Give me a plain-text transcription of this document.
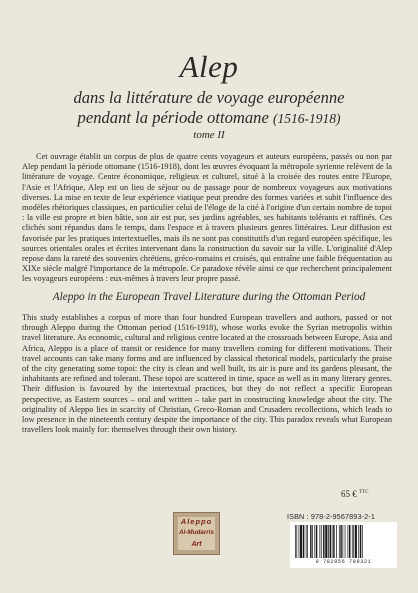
Alep
dans la littérature de voyage européenne
pendant la période ottomane (1516-1918)
tome II

Cet ouvrage établit un corpus de plus de quatre cents voyageurs et auteurs européens, passés ou non par Alep pendant la période ottomane (1516-1918), dont les œuvres évoquant la métropole syrienne relèvent de la littérature de voyage. Centre économique, religieux et culturel, situé à la croisée des routes entre l'Europe, l'Asie et l'Afrique, Alep est un lieu de séjour ou de passage pour de nombreux voyageurs aux motivations diverses. La mise en texte de leur expérience viatique peut prendre des formes variées et subit l'influence des modèles rhétoriques classiques, en particulier celui de l'éloge de la cité à l'origine d'un certain nombre de topoi : la ville est propre et bien bâtie, son air est pur, ses jardins agréables, ses habitants tolérants et raffinés. Ces clichés sont répandus dans le temps, dans l'espace et à travers plusieurs genres littéraires. Leur diffusion est favorisée par les pratiques intertextuelles, mais ils ne sont pas constitutifs d'un regard européen spécifique, les sources orientales orales et écrites intervenant dans la construction du savoir sur la ville. L'originalité d'Alep repose dans la rareté des souvenirs chrétiens, gréco-romains et croisés, qui entraîne une faible fréquentation au XIXe siècle malgré l'importance de la métropole. Ce paradoxe révèle ainsi ce que recherchent principalement les voyageurs européens : eux-mêmes à travers leur propre passé.

Aleppo in the European Travel Literature during the Ottoman Period

This study establishes a corpus of more than four hundred European travellers and authors, passed or not through Aleppo during the Ottoman period (1516-1918), whose works evoke the Syrian metropolis within travel literature. As economic, cultural and religious centre located at the crossroads between Europe, Asia and Africa, Aleppo is a place of transit or residence for many travellers coming for different motivations. Their travel accounts can take many forms and are influenced by classical rhetorical models, particularly the praise of the city generating some topoi: the city is clean and well built, its air is pure and its gardens pleasant, the inhabitants are refined and tolerant. These topoi are scattered in time, space as well as in many literary genres. Their diffusion is favoured by the intertextual practices, but they do not reflect a specific European perspective, as Eastern sources – oral and written – take part in constructing knowledge about the city. The originality of Aleppo lies in scarcity of Christian, Greco-Roman and Crusaders recollections, which leads to low presence in the nineteenth century despite the importance of the city. This paradox reveals what European travellers look mainly for: themselves through their own history.

65 € $^{TTC}$
Aleppo
Al-Mudarris
Art
ISBN : 978-2-9567893-2-1
9 782956 789321
